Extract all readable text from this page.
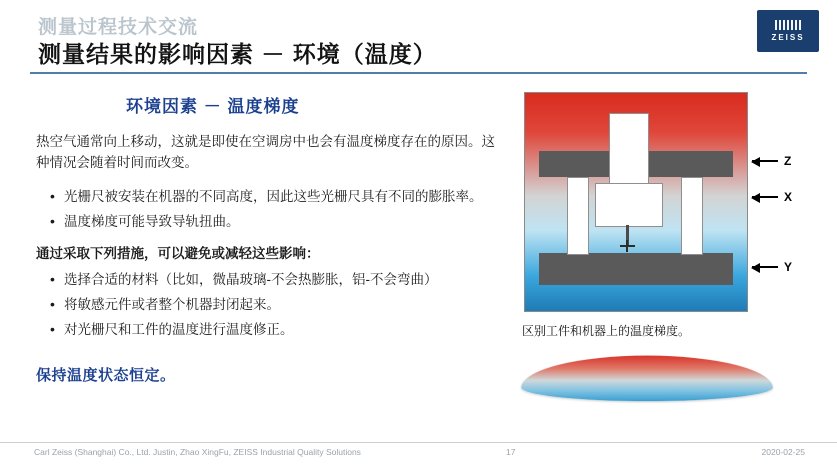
测量过程技术交流
测量结果的影响因素 － 环境（温度）
ZEISS
环境因素 － 温度梯度

热空气通常向上移动，这就是即使在空调房中也会有温度梯度存在的原因。这种情况会随着时间而改变。

• 光栅尺被安装在机器的不同高度，因此这些光栅尺具有不同的膨胀率。
• 温度梯度可能导致导轨扭曲。
通过采取下列措施，可以避免或减轻这些影响：
• 选择合适的材料（比如，微晶玻璃-不会热膨胀，铝-不会弯曲）
• 将敏感元件或者整个机器封闭起来。
• 对光栅尺和工件的温度进行温度修正。
保持温度状态恒定。
Z
X
Y
区别工件和机器上的温度梯度。
Carl Zeiss (Shanghai) Co., Ltd. Justin, Zhao XingFu, ZEISS Industrial Quality Solutions	17	2020-02-25
